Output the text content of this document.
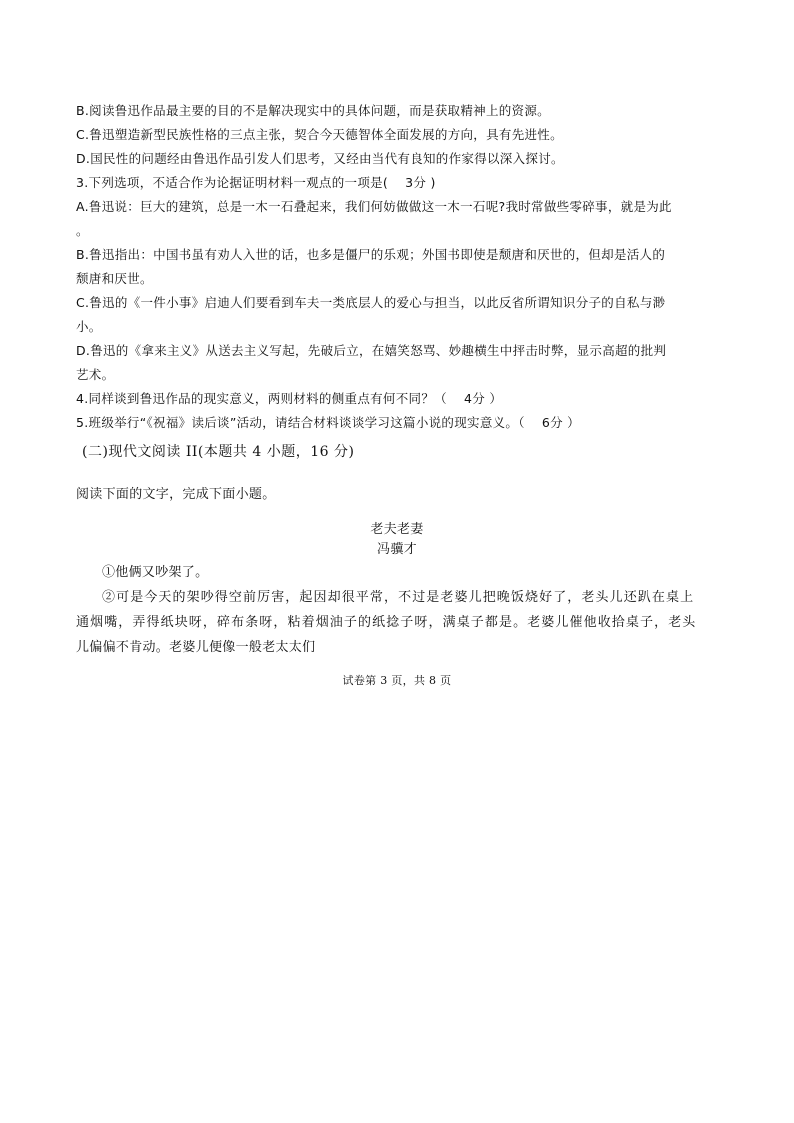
B.阅读鲁迅作品最主要的目的不是解决现实中的具体问题，而是获取精神上的资源。
C.鲁迅塑造新型民族性格的三点主张，契合今天德智体全面发展的方向，具有先进性。
D.国民性的问题经由鲁迅作品引发人们思考，又经由当代有良知的作家得以深入探讨。
3.下列选项，不适合作为论据证明材料一观点的一项是(　 3分 )
A.鲁迅说：巨大的建筑，总是一木一石叠起来，我们何妨做做这一木一石呢?我时常做些零碎事，就是为此
。
B.鲁迅指出：中国书虽有劝人入世的话，也多是僵尸的乐观；外国书即使是颓唐和厌世的，但却是活人的
颓唐和厌世。
C.鲁迅的《一件小事》启迪人们要看到车夫一类底层人的爱心与担当，以此反省所谓知识分子的自私与渺
小。
D.鲁迅的《拿来主义》从送去主义写起，先破后立，在嬉笑怒骂、妙趣横生中抨击时弊，显示高超的批判
艺术。
4.同样谈到鲁迅作品的现实意义，两则材料的侧重点有何不同？（　 4分 ）
5.班级举行“《祝福》读后谈”活动，请结合材料谈谈学习这篇小说的现实意义。（　 6分 ）
(二)现代文阅读 II(本题共 4 小题，16 分)
阅读下面的文字，完成下面小题。
老夫老妻
冯骥才
①他俩又吵架了。
②可是今天的架吵得空前厉害，起因却很平常，不过是老婆儿把晚饭烧好了，老头儿还趴在桌上
通烟嘴，弄得纸块呀，碎布条呀，粘着烟油子的纸捻子呀，满桌子都是。老婆儿催他收拾桌子，老头
儿偏偏不肯动。老婆儿便像一般老太太们
试卷第 3 页，共 8 页
